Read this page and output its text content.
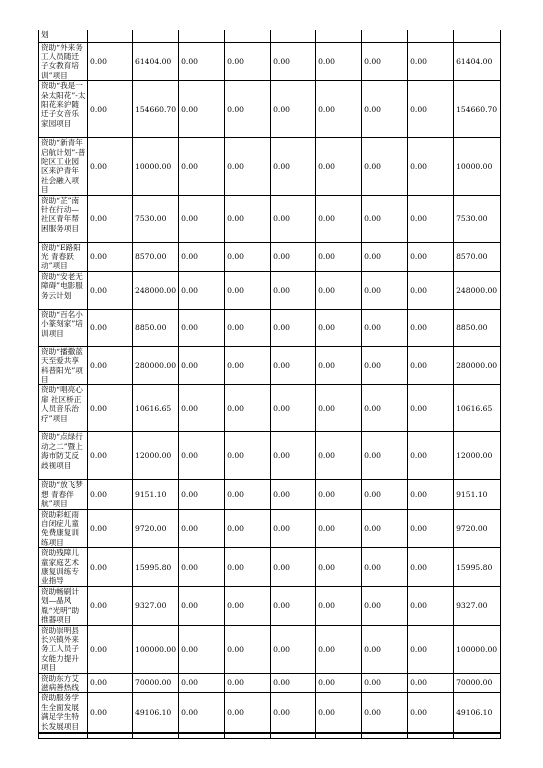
划									
资助“外来务工人员随迁子女教育培训”项目	0.00	61404.00	0.00	0.00	0.00	0.00	0.00	0.00	61404.00
资助“我是一朵太阳花”-太阳花来沪随迁子女音乐家园项目	0.00	154660.70	0.00	0.00	0.00	0.00	0.00	0.00	154660.70
资助“新青年启航计划”-普陀区工业园区来沪青年社会融入项目	0.00	10000.00	0.00	0.00	0.00	0.00	0.00	0.00	10000.00
资助“芷”南针在行动—社区青年帮困服务项目	0.00	7530.00	0.00	0.00	0.00	0.00	0.00	0.00	7530.00
资助“E路阳光 青春跃动”项目	0.00	8570.00	0.00	0.00	0.00	0.00	0.00	0.00	8570.00
资助“安老无障碍”电影服务云计划	0.00	248000.00	0.00	0.00	0.00	0.00	0.00	0.00	248000.00
资助“百名小小篆刻家”培训项目	0.00	8850.00	0.00	0.00	0.00	0.00	0.00	0.00	8850.00
资助“播撒蓝天至爱共享科普阳光”项目	0.00	280000.00	0.00	0.00	0.00	0.00	0.00	0.00	280000.00
资助“唱亮心扉 社区桥正人员音乐治疗”项目	0.00	10616.65	0.00	0.00	0.00	0.00	0.00	0.00	10616.65
资助“点绿行动之二”暨上海市防艾反歧视项目	0.00	12000.00	0.00	0.00	0.00	0.00	0.00	0.00	12000.00
资助“放飞梦想 青春伴航”项目	0.00	9151.10	0.00	0.00	0.00	0.00	0.00	0.00	9151.10
资助彩虹雨自闭症儿童免费康复训练项目	0.00	9720.00	0.00	0.00	0.00	0.00	0.00	0.00	9720.00
资助残障儿童家庭艺术康复训练专业指导	0.00	15995.80	0.00	0.00	0.00	0.00	0.00	0.00	15995.80
资助畅刷计划—晶风胤“光明”助推器项目	0.00	9327.00	0.00	0.00	0.00	0.00	0.00	0.00	9327.00
资助崇明县长兴镇外来务工人员子女能力提升项目	0.00	100000.00	0.00	0.00	0.00	0.00	0.00	0.00	100000.00
资助东方艾滋病善热线	0.00	70000.00	0.00	0.00	0.00	0.00	0.00	0.00	70000.00
资助服务学生全面发展满足学生特长发展项目	0.00	49106.10	0.00	0.00	0.00	0.00	0.00	0.00	49106.10
